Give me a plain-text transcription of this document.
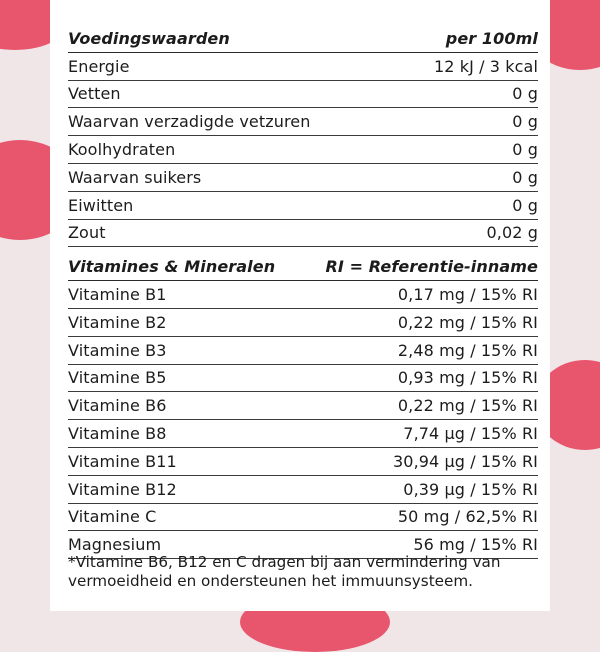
Voedingswaarden	per 100ml
Energie	12 kJ / 3 kcal
Vetten	0 g
Waarvan verzadigde vetzuren	0 g
Koolhydraten	0 g
Waarvan suikers	0 g
Eiwitten	0 g
Zout	0,02 g
Vitamines & Mineralen	RI = Referentie-inname
Vitamine B1	0,17 mg / 15% RI
Vitamine B2	0,22 mg / 15% RI
Vitamine B3	2,48 mg / 15% RI
Vitamine B5	0,93 mg / 15% RI
Vitamine B6	0,22 mg / 15% RI
Vitamine B8	7,74 µg / 15% RI
Vitamine B11	30,94 µg / 15% RI
Vitamine B12	0,39 µg / 15% RI
Vitamine C	50 mg / 62,5% RI
Magnesium	56 mg / 15% RI
*Vitamine B6, B12 en C dragen bij aan vermindering van vermoeidheid en ondersteunen het immuunsysteem.
